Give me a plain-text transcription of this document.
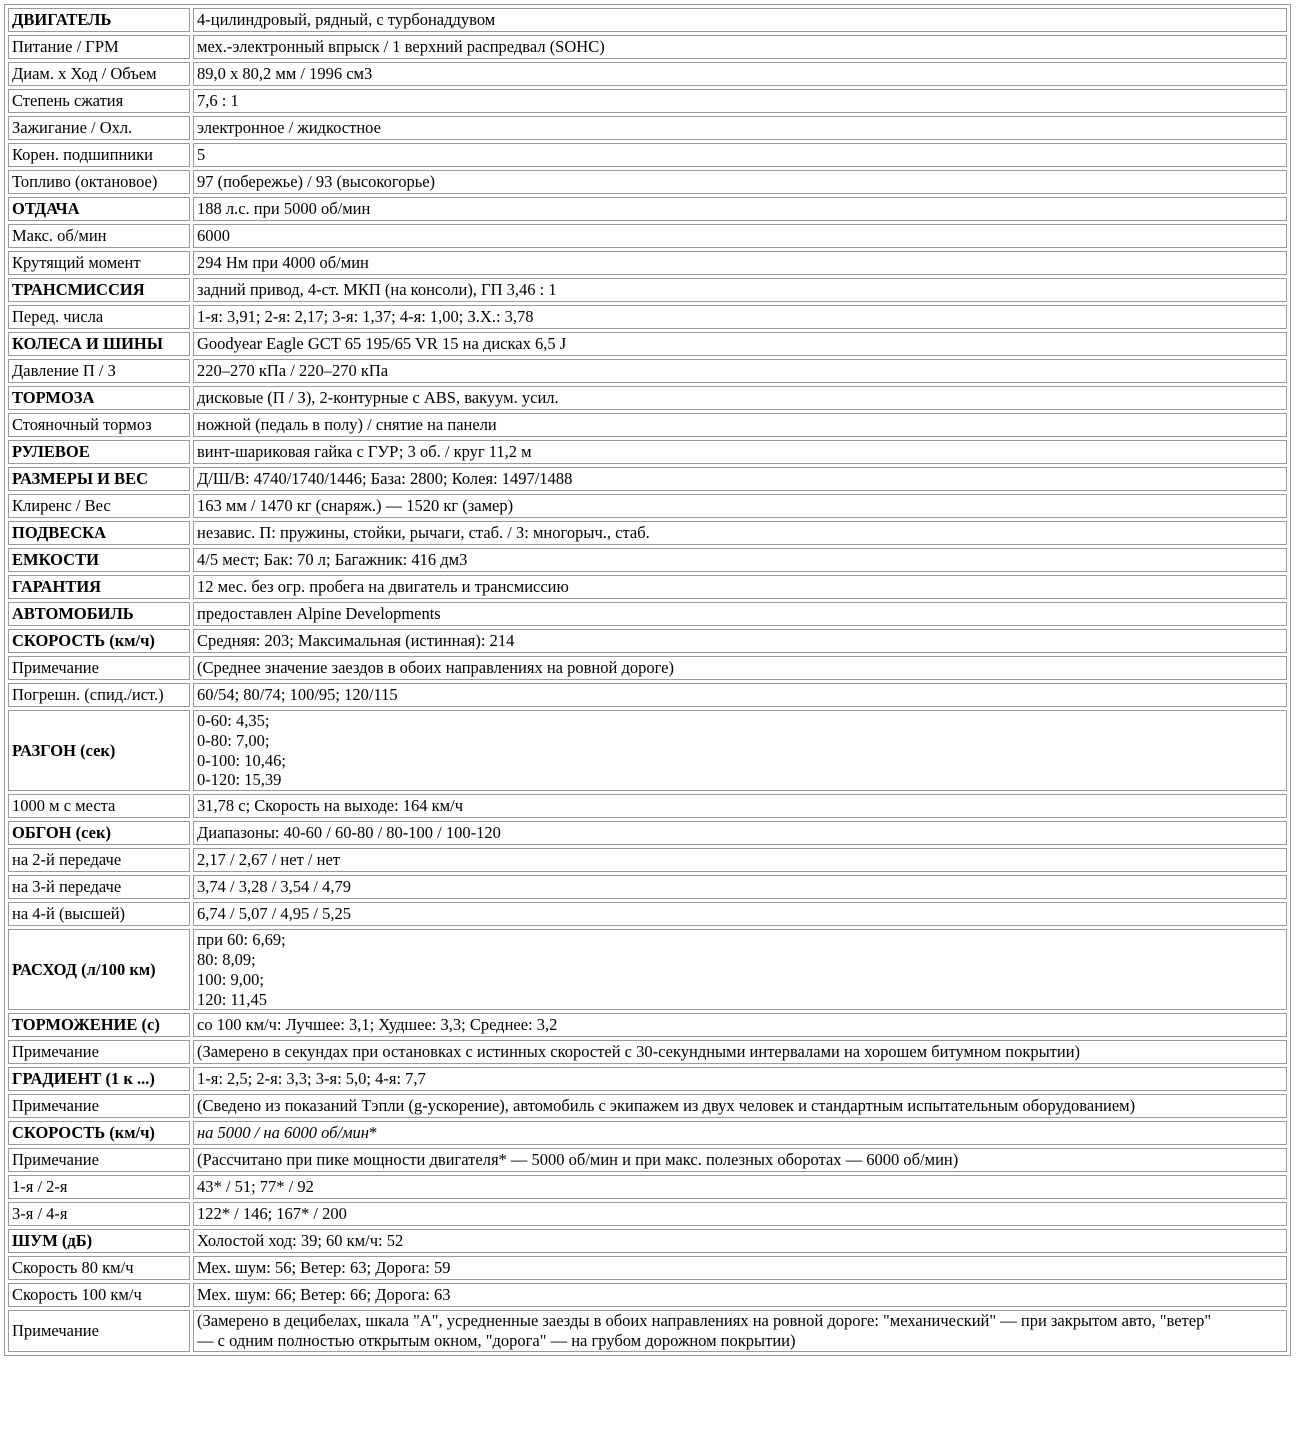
ДВИГАТЕЛЬ	4-цилиндровый, рядный, с турбонаддувом
Питание / ГРМ	мех.-электронный впрыск / 1 верхний распредвал (SOHC)
Диам. х Ход / Объем	89,0 х 80,2 мм / 1996 см3
Степень сжатия	7,6 : 1
Зажигание / Охл.	электронное / жидкостное
Корен. подшипники	5
Топливо (октановое)	97 (побережье) / 93 (высокогорье)
ОТДАЧА	188 л.с. при 5000 об/мин
Макс. об/мин	6000
Крутящий момент	294 Нм при 4000 об/мин
ТРАНСМИССИЯ	задний привод, 4-ст. МКП (на консоли), ГП 3,46 : 1
Перед. числа	1-я: 3,91; 2-я: 2,17; 3-я: 1,37; 4-я: 1,00; З.Х.: 3,78
КОЛЕСА И ШИНЫ	Goodyear Eagle GCT 65 195/65 VR 15 на дисках 6,5 J
Давление П / З	220–270 кПа / 220–270 кПа
ТОРМОЗА	дисковые (П / З), 2-контурные с ABS, вакуум. усил.
Стояночный тормоз	ножной (педаль в полу) / снятие на панели
РУЛЕВОЕ	винт-шариковая гайка с ГУР; 3 об. / круг 11,2 м
РАЗМЕРЫ И ВЕС	Д/Ш/В: 4740/1740/1446; База: 2800; Колея: 1497/1488
Клиренс / Вес	163 мм / 1470 кг (снаряж.) — 1520 кг (замер)
ПОДВЕСКА	независ. П: пружины, стойки, рычаги, стаб. / З: многорыч., стаб.
ЕМКОСТИ	4/5 мест; Бак: 70 л; Багажник: 416 дм3
ГАРАНТИЯ	12 мес. без огр. пробега на двигатель и трансмиссию
АВТОМОБИЛЬ	предоставлен Alpine Developments
СКОРОСТЬ (км/ч)	Средняя: 203; Максимальная (истинная): 214
Примечание	(Среднее значение заездов в обоих направлениях на ровной дороге)
Погрешн. (спид./ист.)	60/54; 80/74; 100/95; 120/115
РАЗГОН (сек)	0-60: 4,35;
0-80: 7,00;
0-100: 10,46;
0-120: 15,39

1000 м с места	31,78 с; Скорость на выходе: 164 км/ч
ОБГОН (сек)	Диапазоны: 40-60 / 60-80 / 80-100 / 100-120
на 2-й передаче	2,17 / 2,67 / нет / нет
на 3-й передаче	3,74 / 3,28 / 3,54 / 4,79
на 4-й (высшей)	6,74 / 5,07 / 4,95 / 5,25
РАСХОД (л/100 км)	при 60: 6,69;
80: 8,09;
100: 9,00;
120: 11,45

ТОРМОЖЕНИЕ (с)	со 100 км/ч: Лучшее: 3,1; Худшее: 3,3; Среднее: 3,2
Примечание	(Замерено в секундах при остановках с истинных скоростей с 30-секундными интервалами на хорошем битумном покрытии)
ГРАДИЕНТ (1 к ...)	1-я: 2,5; 2-я: 3,3; 3-я: 5,0; 4-я: 7,7
Примечание	(Сведено из показаний Тэпли (g-ускорение), автомобиль с экипажем из двух человек и стандартным испытательным оборудованием)
СКОРОСТЬ (км/ч)	на 5000 / на 6000 об/мин*
Примечание	(Рассчитано при пике мощности двигателя* — 5000 об/мин и при макс. полезных оборотах — 6000 об/мин)
1-я / 2-я	43* / 51; 77* / 92
3-я / 4-я	122* / 146; 167* / 200
ШУМ (дБ)	Холостой ход: 39; 60 км/ч: 52
Скорость 80 км/ч	Мех. шум: 56; Ветер: 63; Дорога: 59
Скорость 100 км/ч	Мех. шум: 66; Ветер: 66; Дорога: 63
Примечание	(Замерено в децибелах, шкала "А", усредненные заезды в обоих направлениях на ровной дороге: "механический" — при закрытом авто, "ветер"
— с одним полностью открытым окном, "дорога" — на грубом дорожном покрытии)
